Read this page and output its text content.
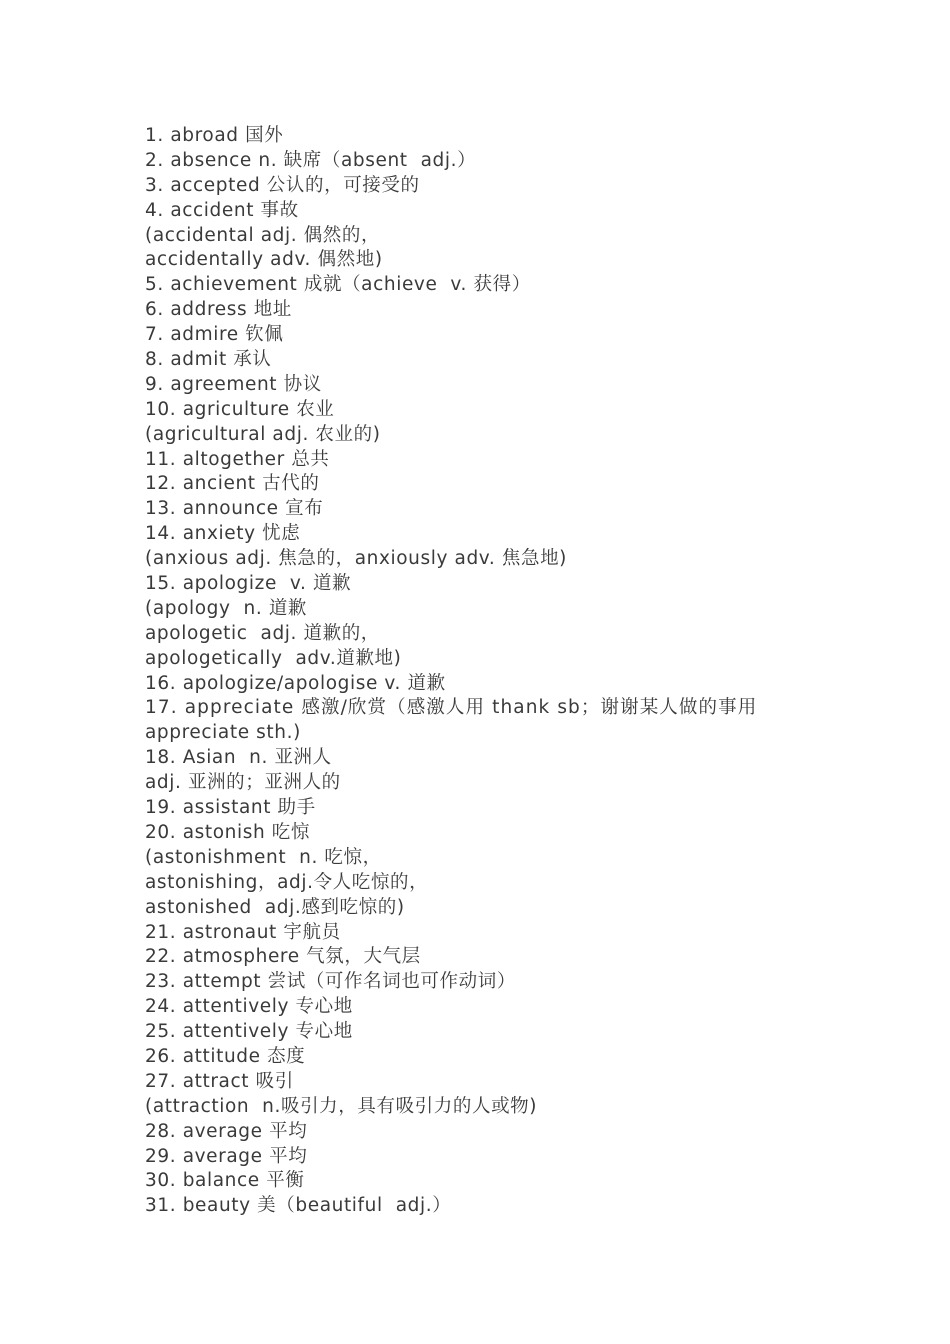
1. abroad 国外
2. absence n. 缺席（absent  adj.）
3. accepted 公认的，可接受的
4. accident 事故
(accidental adj. 偶然的，
accidentally adv. 偶然地)
5. achievement 成就（achieve  v. 获得）
6. address 地址
7. admire 钦佩
8. admit 承认
9. agreement 协议
10. agriculture 农业
(agricultural adj. 农业的)
11. altogether 总共
12. ancient 古代的
13. announce 宣布
14. anxiety 忧虑
(anxious adj. 焦急的，anxiously adv. 焦急地)
15. apologize  v. 道歉
(apology  n. 道歉
apologetic  adj. 道歉的，
apologetically  adv.道歉地)
16. apologize/apologise v. 道歉
17. appreciate 感激/欣赏（感激人用 thank sb；谢谢某人做的事用
appreciate sth.)
18. Asian  n. 亚洲人
adj. 亚洲的；亚洲人的
19. assistant 助手
20. astonish 吃惊
(astonishment  n. 吃惊，
astonishing，adj.令人吃惊的，
astonished  adj.感到吃惊的)
21. astronaut 宇航员
22. atmosphere 气氛，大气层
23. attempt 尝试（可作名词也可作动词）
24. attentively 专心地
25. attentively 专心地
26. attitude 态度
27. attract 吸引
(attraction  n.吸引力，具有吸引力的人或物)
28. average 平均
29. average 平均
30. balance 平衡
31. beauty 美（beautiful  adj.）
